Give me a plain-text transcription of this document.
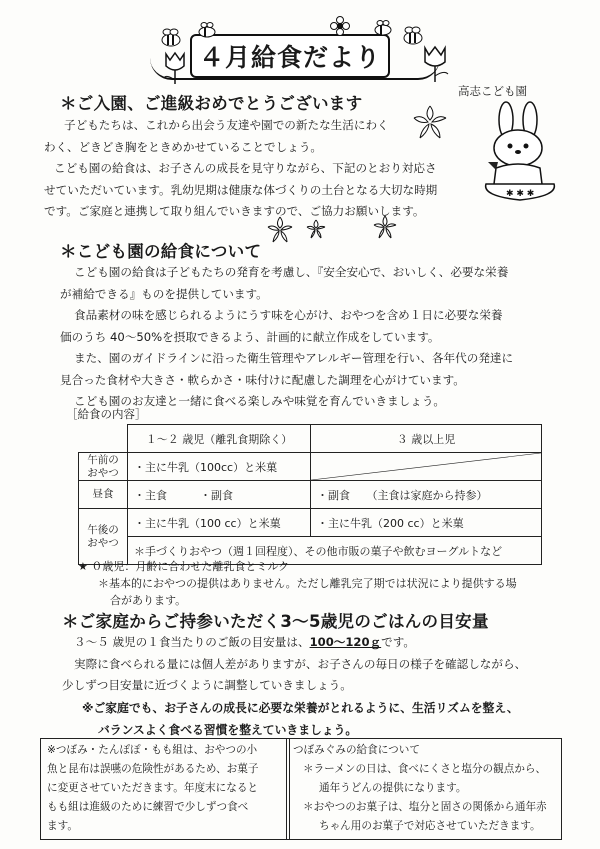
４月給食だより
高志こども園
✱ ✱ ✱
＊ご入園、ご進級おめでとうございます
子どもたちは、これから出会う友達や園での新たな生活にわく
わく、どきどき胸をときめかせていることでしょう。
こども園の給食は、お子さんの成長を見守りながら、下記のとおり対応さ
せていただいています。乳幼児期は健康な体づくりの土台となる大切な時期
です。ご家庭と連携して取り組んでいきますので、ご協力お願いします。
＊こども園の給食について
こども園の給食は子どもたちの発育を考慮し、『安全安心で、おいしく、必要な栄養
が補給できる』ものを提供しています。
食品素材の味を感じられるようにうす味を心がけ、おやつを含め１日に必要な栄養
価のうち 40～50%を摂取できるよう、計画的に献立作成をしています。
また、園のガイドラインに沿った衛生管理やアレルギー管理を行い、各年代の発達に
見合った食材や大きさ・軟らかさ・味付けに配慮した調理を心がけています。
こども園のお友達と一緒に食べる楽しみや味覚を育んでいきましょう。
［給食の内容］
	１～２ 歳児（離乳食期除く）	３ 歳以上児
午前の
おやつ	・主に牛乳（100cc）と米菓	

昼食	・主食　　　・副食	・副食　　（主食は家庭から持参）
午後の
おやつ	・主に牛乳（100 cc）と米菓	・主に牛乳（200 cc）と米菓
	＊手づくりおやつ（週１回程度）、その他市販の菓子や飲むヨーグルトなど	
★ ０歳児：月齢に合わせた離乳食とミルク
＊基本的におやつの提供はありません。ただし離乳完了期では状況により提供する場
合があります。
＊ご家庭からご持参いただく3～5歳児のごはんの目安量
３～５ 歳児の１食当たりのご飯の目安量は、100～120ｇです。
実際に食べられる量には個人差がありますが、お子さんの毎日の様子を確認しながら、
少しずつ目安量に近づくように調整していきましょう。
※ご家庭でも、お子さんの成長に必要な栄養がとれるように、生活リズムを整え、
バランスよく食べる習慣を整えていきましょう。
※つぼみ・たんぽぽ・もも組は、おやつの小
魚と昆布は誤嚥の危険性があるため、お菓子
に変更させていただきます。年度末になると
もも組は進級のために練習で少しずつ食べ
ます。
つぼみぐみの給食について
＊ラーメンの日は、食べにくさと塩分の観点から、
通年うどんの提供になります。
＊おやつのお菓子は、塩分と固さの関係から通年赤
ちゃん用のお菓子で対応させていただきます。
